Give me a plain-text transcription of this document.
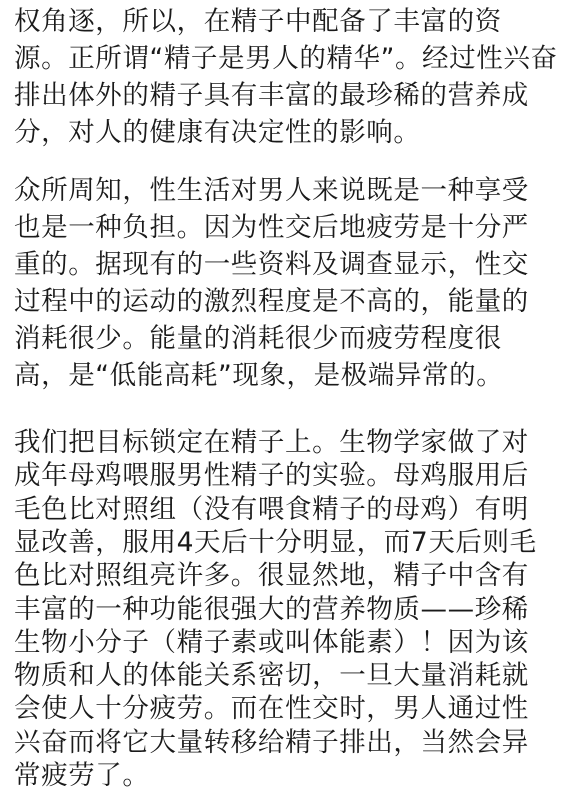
权角逐，所以，在精子中配备了丰富的资
源。正所谓“精子是男人的精华”。经过性兴奋
排出体外的精子具有丰富的最珍稀的营养成
分，对人的健康有决定性的影响。
众所周知，性生活对男人来说既是一种享受
也是一种负担。因为性交后地疲劳是十分严
重的。据现有的一些资料及调查显示，性交
过程中的运动的激烈程度是不高的，能量的
消耗很少。能量的消耗很少而疲劳程度很
高，是“低能高耗”现象，是极端异常的。
我们把目标锁定在精子上。生物学家做了对
成年母鸡喂服男性精子的实验。母鸡服用后
毛色比对照组（没有喂食精子的母鸡）有明
显改善，服用4天后十分明显，而7天后则毛
色比对照组亮许多。很显然地，精子中含有
丰富的一种功能很强大的营养物质——珍稀
生物小分子（精子素或叫体能素）！因为该
物质和人的体能关系密切，一旦大量消耗就
会使人十分疲劳。而在性交时，男人通过性
兴奋而将它大量转移给精子排出，当然会异
常疲劳了。
